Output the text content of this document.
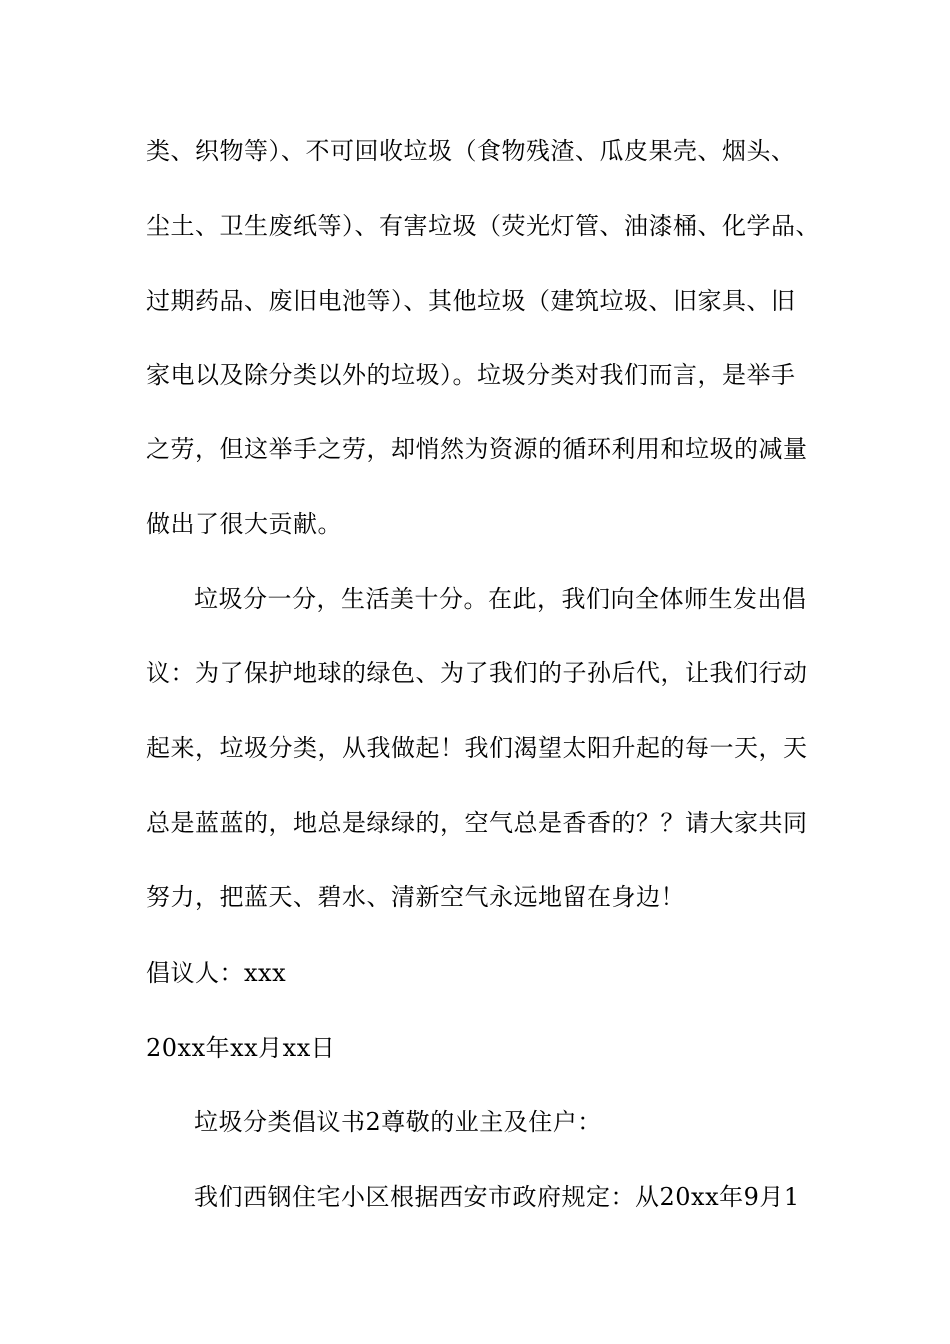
类、织物等）、不可回收垃圾（食物残渣、瓜皮果壳、烟头、
尘土、卫生废纸等）、有害垃圾（荧光灯管、油漆桶、化学品、
过期药品、废旧电池等）、其他垃圾（建筑垃圾、旧家具、旧
家电以及除分类以外的垃圾）。垃圾分类对我们而言，是举手
之劳，但这举手之劳，却悄然为资源的循环利用和垃圾的减量
做出了很大贡献。
垃圾分一分，生活美十分。在此，我们向全体师生发出倡
议：为了保护地球的绿色、为了我们的子孙后代，让我们行动
起来，垃圾分类，从我做起！我们渴望太阳升起的每一天，天
总是蓝蓝的，地总是绿绿的，空气总是香香的？？请大家共同
努力，把蓝天、碧水、清新空气永远地留在身边！
倡议人：xxx
20xx年xx月xx日
垃圾分类倡议书2尊敬的业主及住户：
我们西钢住宅小区根据西安市政府规定：从20xx年9月1
